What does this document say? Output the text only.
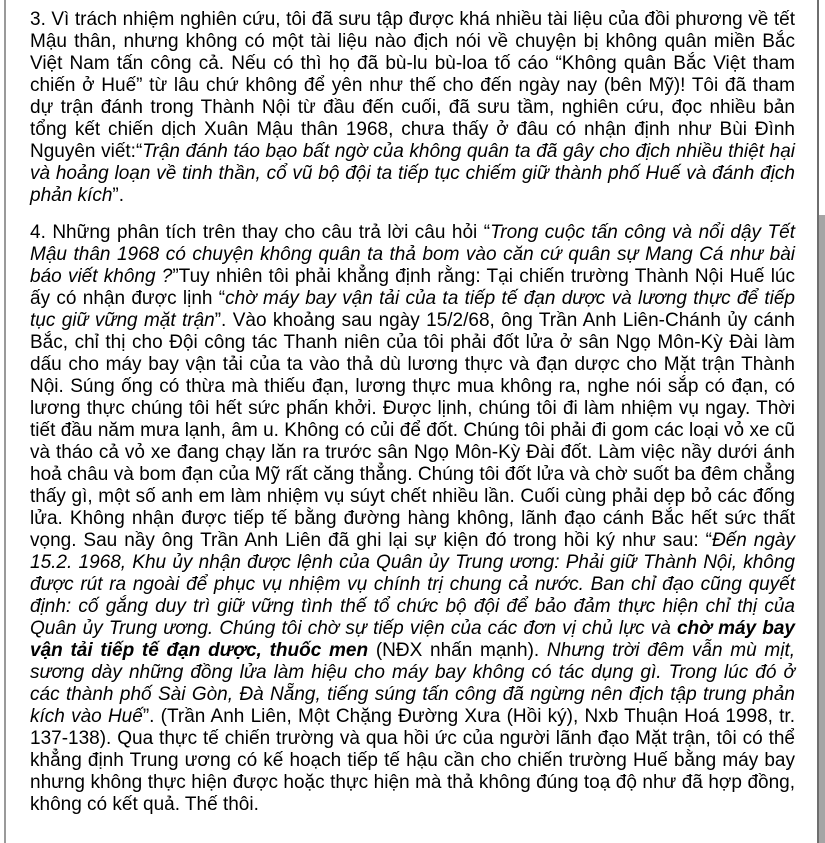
3. Vì trách nhiệm nghiên cứu, tôi đã sưu tập được khá nhiều tài liệu của đồi phương về tết Mậu thân, nhưng không có một tài liệu nào địch nói về chuyện bị không quân miền Bắc Việt Nam tấn công cả. Nếu có thì họ đã bù-lu bù-loa tố cáo “Không quân Bắc Việt tham chiến ở Huế” từ lâu chứ không để yên như thế cho đến ngày nay (bên Mỹ)! Tôi đã tham dự trận đánh trong Thành Nội từ đầu đến cuối, đã sưu tầm, nghiên cứu, đọc nhiều bản tổng kết chiến dịch Xuân Mậu thân 1968, chưa thấy ở đâu có nhận định như Bùi Đình Nguyên viết:“Trận đánh táo bạo bất ngờ của không quân ta đã gây cho địch nhiều thiệt hại và hoảng loạn về tinh thần, cổ vũ bộ đội ta tiếp tục chiếm giữ thành phố Huế và đánh địch phản kích”.

4. Những phân tích trên thay cho câu trả lời câu hỏi “Trong cuộc tấn công và nổi dậy Tết Mậu thân 1968 có chuyện không quân ta thả bom vào căn cứ quân sự Mang Cá như bài báo viết không ?”Tuy nhiên tôi phải khẳng định rằng: Tại chiến trường Thành Nội Huế lúc ấy có nhận được lịnh “chờ máy bay vận tải của ta tiếp tế đạn dược và lương thực để tiếp tục giữ vững mặt trận”. Vào khoảng sau ngày 15/2/68, ông Trần Anh Liên-Chánh ủy cánh Bắc, chỉ thị cho Đội công tác Thanh niên của tôi phải đốt lửa ở sân Ngọ Môn-Kỳ Đài làm dấu cho máy bay vận tải của ta vào thả dù lương thực và đạn dược cho Mặt trận Thành Nội. Súng ống có thừa mà thiếu đạn, lương thực mua không ra, nghe nói sắp có đạn, có lương thực chúng tôi hết sức phấn khởi. Được lịnh, chúng tôi đi làm nhiệm vụ ngay. Thời tiết đầu năm mưa lạnh, âm u. Không có củi để đốt. Chúng tôi phải đi gom các loại vỏ xe cũ và tháo cả vỏ xe đang chạy lăn ra trước sân Ngọ Môn-Kỳ Đài đốt. Làm việc nầy dưới ánh hoả châu và bom đạn của Mỹ rất căng thẳng. Chúng tôi đốt lửa và chờ suốt ba đêm chẳng thấy gì, một số anh em làm nhiệm vụ súyt chết nhiều lần. Cuối cùng phải dẹp bỏ các đống lửa. Không nhận được tiếp tế bằng đường hàng không, lãnh đạo cánh Bắc hết sức thất vọng. Sau nầy ông Trần Anh Liên đã ghi lại sự kiện đó trong hồi ký như sau: “Đến ngày 15.2. 1968, Khu ủy nhận được lệnh của Quân ủy Trung ương: Phải giữ Thành Nội, không được rút ra ngoài để phục vụ nhiệm vụ chính trị chung cả nước. Ban chỉ đạo cũng quyết định: cố gắng duy trì giữ vững tình thế tổ chức bộ đội để bảo đảm thực hiện chỉ thị của Quân ủy Trung ương. Chúng tôi chờ sự tiếp viện của các đơn vị chủ lực và chờ máy bay vận tải tiếp tế đạn dược, thuốc men (NĐX nhấn mạnh). Nhưng trời đêm vẫn mù mịt, sương dày những đồng lửa làm hiệu cho máy bay không có tác dụng gì. Trong lúc đó ở các thành phố Sài Gòn, Đà Nẵng, tiếng súng tấn công đã ngừng nên địch tập trung phản kích vào Huế”. (Trần Anh Liên, Một Chặng Đường Xưa (Hồi ký), Nxb Thuận Hoá 1998, tr. 137-138). Qua thực tế chiến trường và qua hồi ức của người lãnh đạo Mặt trận, tôi có thể khẳng định Trung ương có kế hoạch tiếp tế hậu cần cho chiến trường Huế bằng máy bay nhưng không thực hiện được hoặc thực hiện mà thả không đúng toạ độ như đã hợp đồng, không có kết quả. Thế thôi.
